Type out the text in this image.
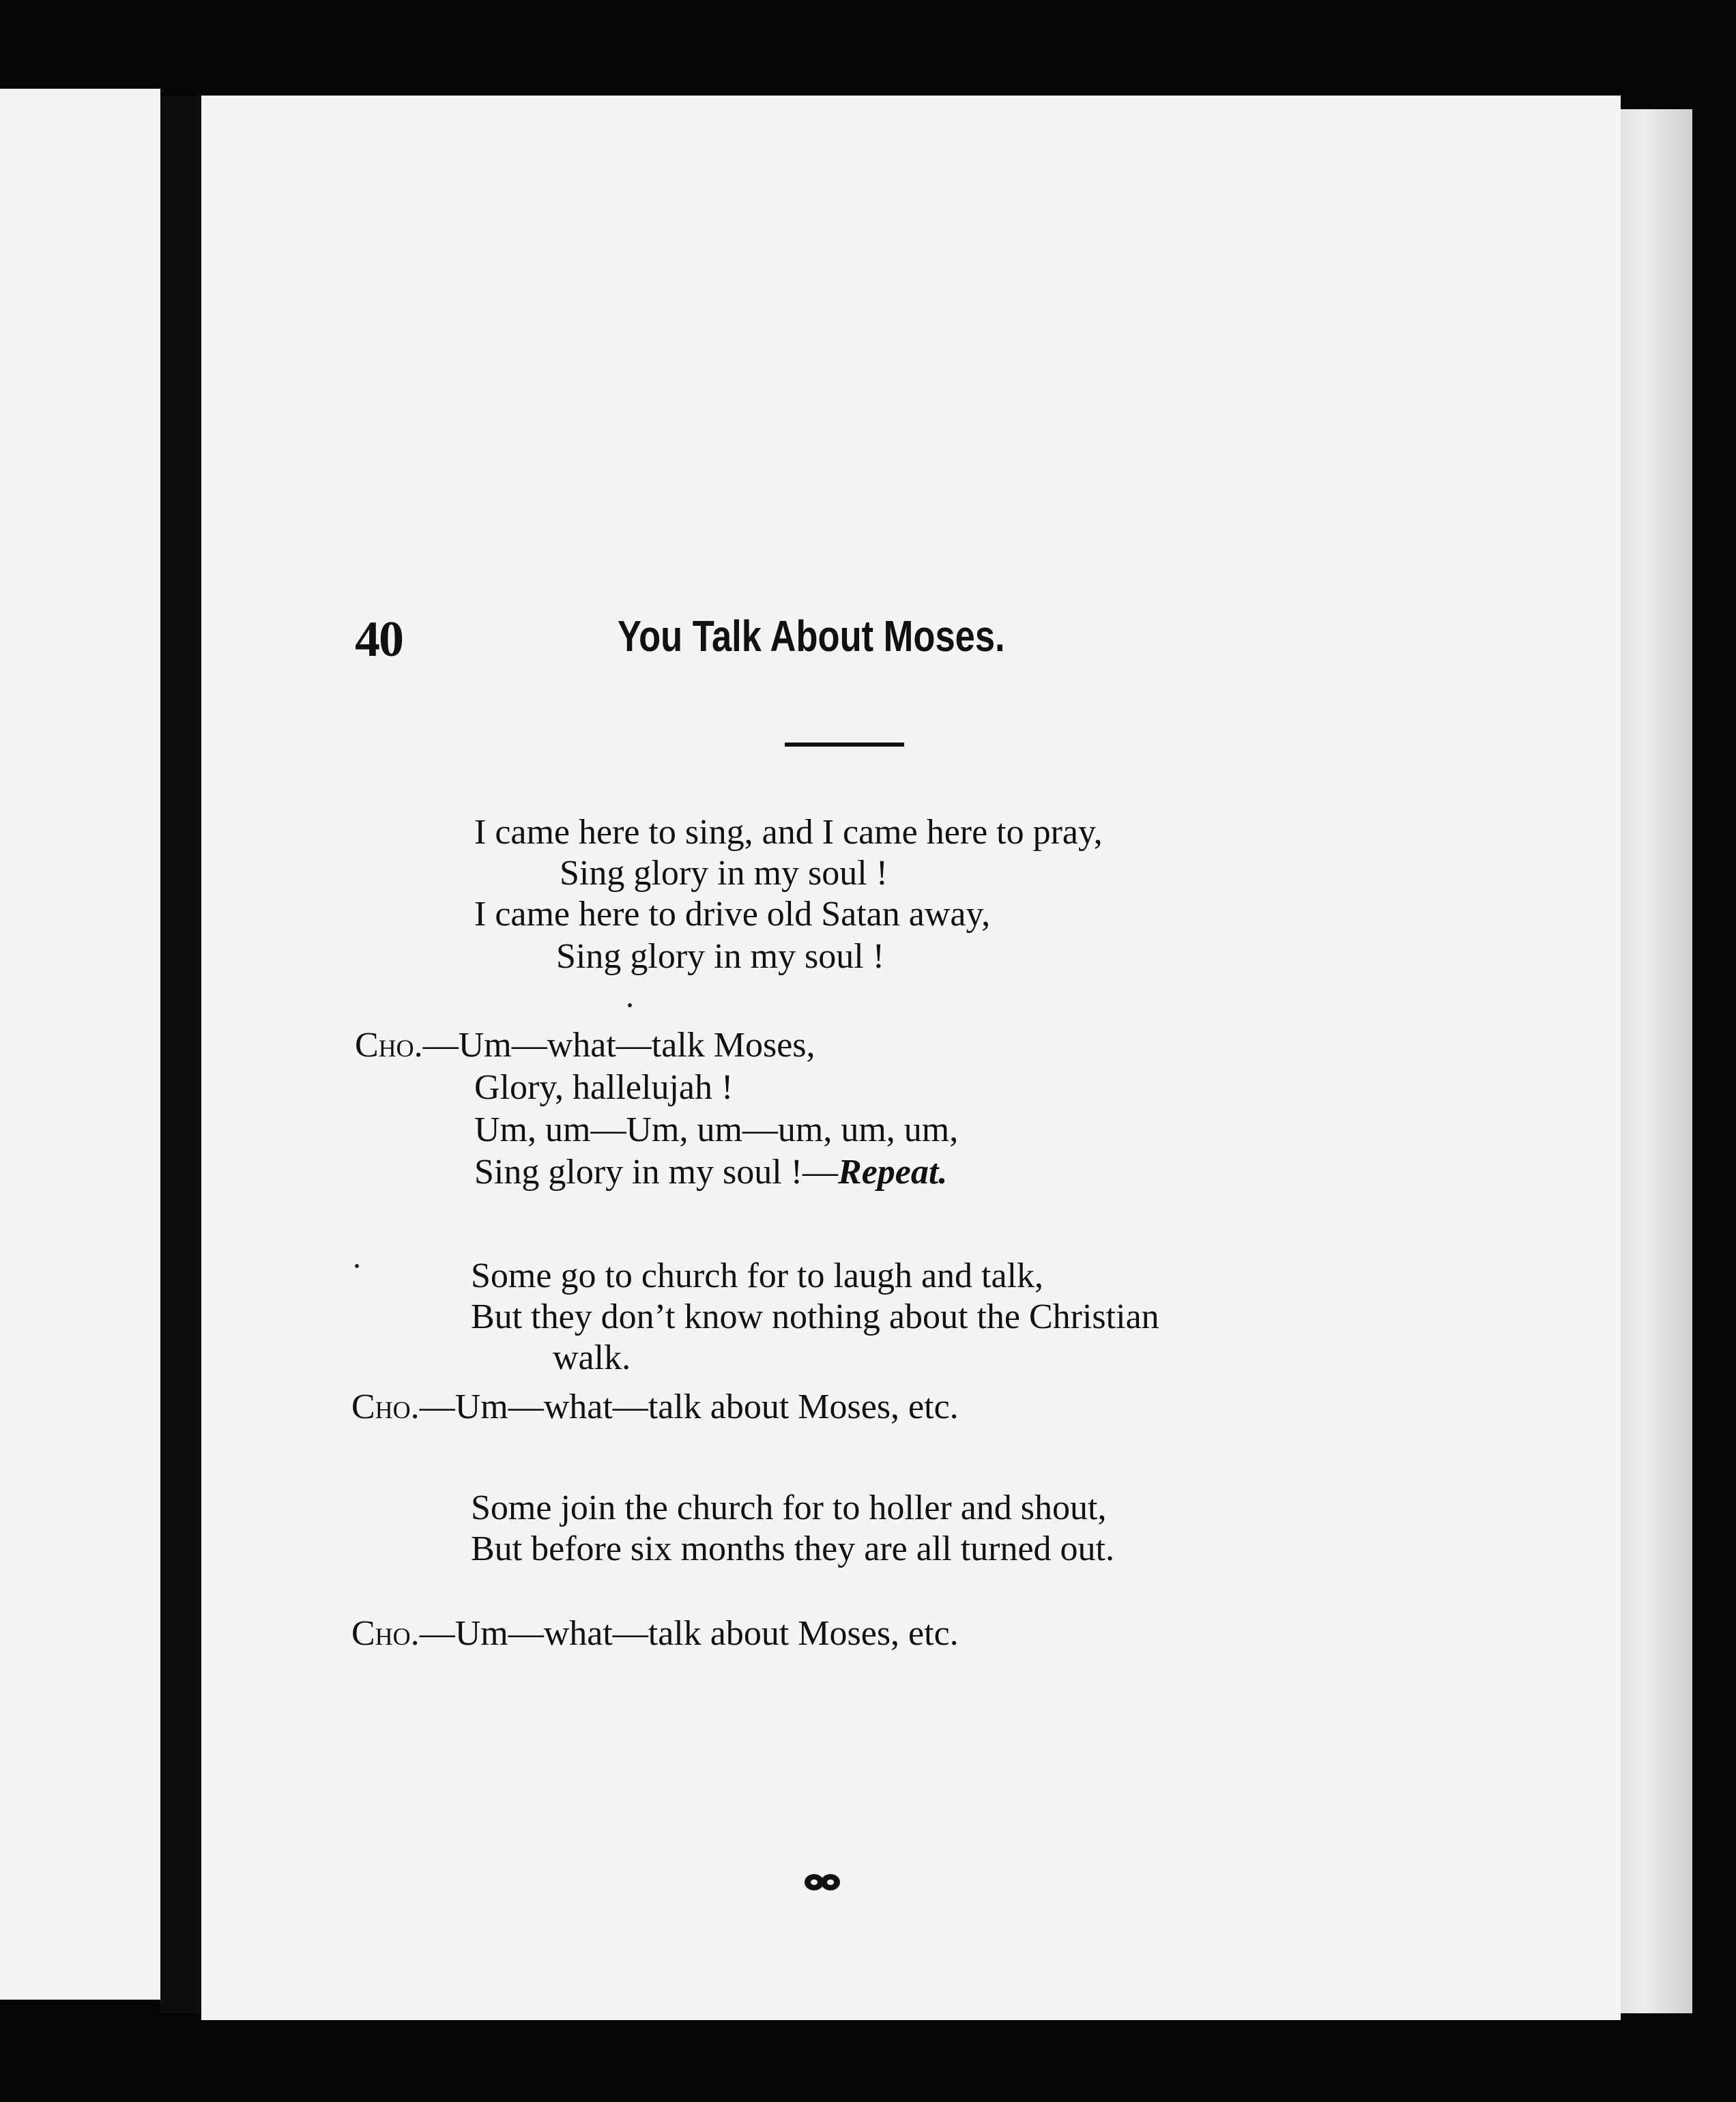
40	You Talk About Moses.
I came here to sing, and I came here to pray,
Sing glory in my soul !
I came here to drive old Satan away,
Sing glory in my soul !
Cho.—Um—what—talk Moses,
Glory, hallelujah !
Um, um—Um, um—um, um, um,
Sing glory in my soul !—Repeat.
Some go to church for to laugh and talk,
But they don’t know nothing about the Christian
walk.
Cho.—Um—what—talk about Moses, etc.
Some join the church for to holler and shout,
But before six months they are all turned out.
Cho.—Um—what—talk about Moses, etc.
